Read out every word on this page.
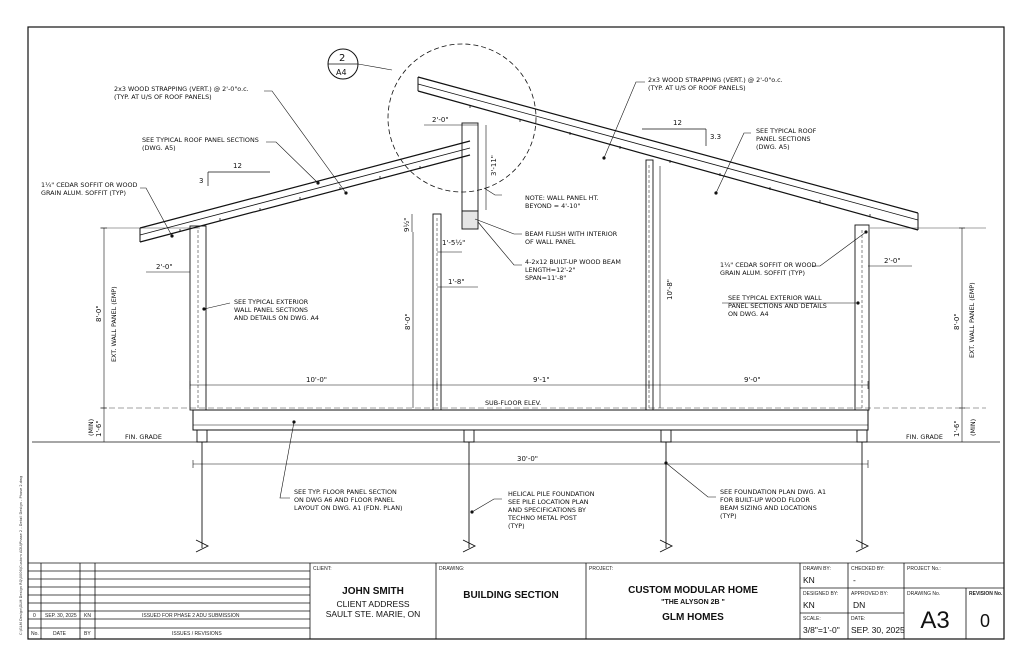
C:\GLM Design\GLM Design RQ\0006\Custom ADU\Phase 2 - Detail Design - Phase 2.dwg
12
3
12
3.3
2
A4
FIN. GRADE	FIN. GRADE
SUB-FLOOR ELEV.
8'-0" EXT. WALL PANEL (EMP)
1'-6"
(MIN)
8'-0" EXT. WALL PANEL (EMP)
1'-6" (MIN)
8'-0"
10'-8"
3'-11"
9½"
10'-0"	9'-1"	9'-0"
30'-0"
2'-0"
2'-0"
2'-0"
1'-5½"
1'-8"
2x3 WOOD STRAPPING (VERT.) @ 2'-0"o.c.
(TYP. AT U/S OF ROOF PANELS)
SEE TYPICAL ROOF PANEL SECTIONS
(DWG. A5)
1¼" CEDAR SOFFIT OR WOOD
GRAIN ALUM. SOFFIT (TYP)
2x3 WOOD STRAPPING (VERT.) @ 2'-0"o.c.
(TYP. AT U/S OF ROOF PANELS)
SEE TYPICAL ROOF
PANEL SECTIONS
(DWG. A5)
NOTE: WALL PANEL HT.
BEYOND = 4'-10"
BEAM FLUSH WITH INTERIOR
OF WALL PANEL
4-2x12 BUILT-UP WOOD BEAM
LENGTH=12'-2"
SPAN=11'-8"
1¼" CEDAR SOFFIT OR WOOD
GRAIN ALUM. SOFFIT (TYP)
SEE TYPICAL EXTERIOR
WALL PANEL SECTIONS
AND DETAILS ON DWG. A4
SEE TYPICAL EXTERIOR WALL
PANEL SECTIONS AND DETAILS
ON DWG. A4
SEE TYP. FLOOR PANEL SECTION
ON DWG A6 AND FLOOR PANEL
LAYOUT ON DWG. A1 (FDN. PLAN)
HELICAL PILE FOUNDATION
SEE PILE LOCATION PLAN
AND SPECIFICATIONS BY
TECHNO METAL POST
(TYP)
SEE FOUNDATION PLAN DWG. A1
FOR BUILT-UP WOOD FLOOR
BEAM SIZING AND LOCATIONS
(TYP)
0 SEP. 30, 2025 KN	ISSUED FOR PHASE 2 ADU SUBMISSION
No.	DATE	BY	ISSUES / REVISIONS
CLIENT:
JOHN SMITH
CLIENT ADDRESS
SAULT STE. MARIE, ON
DRAWING:
BUILDING SECTION
PROJECT:
CUSTOM MODULAR HOME
"THE ALYSON 2B "
GLM HOMES
DRAWN BY:
KN
CHECKED BY:
-
DESIGNED BY:
KN
APPROVED BY:
DN
SCALE:
3/8"=1'-0"
DATE:
SEP. 30, 2025
PROJECT No.:
DRAWING No.
A3
REVISION No.
0
